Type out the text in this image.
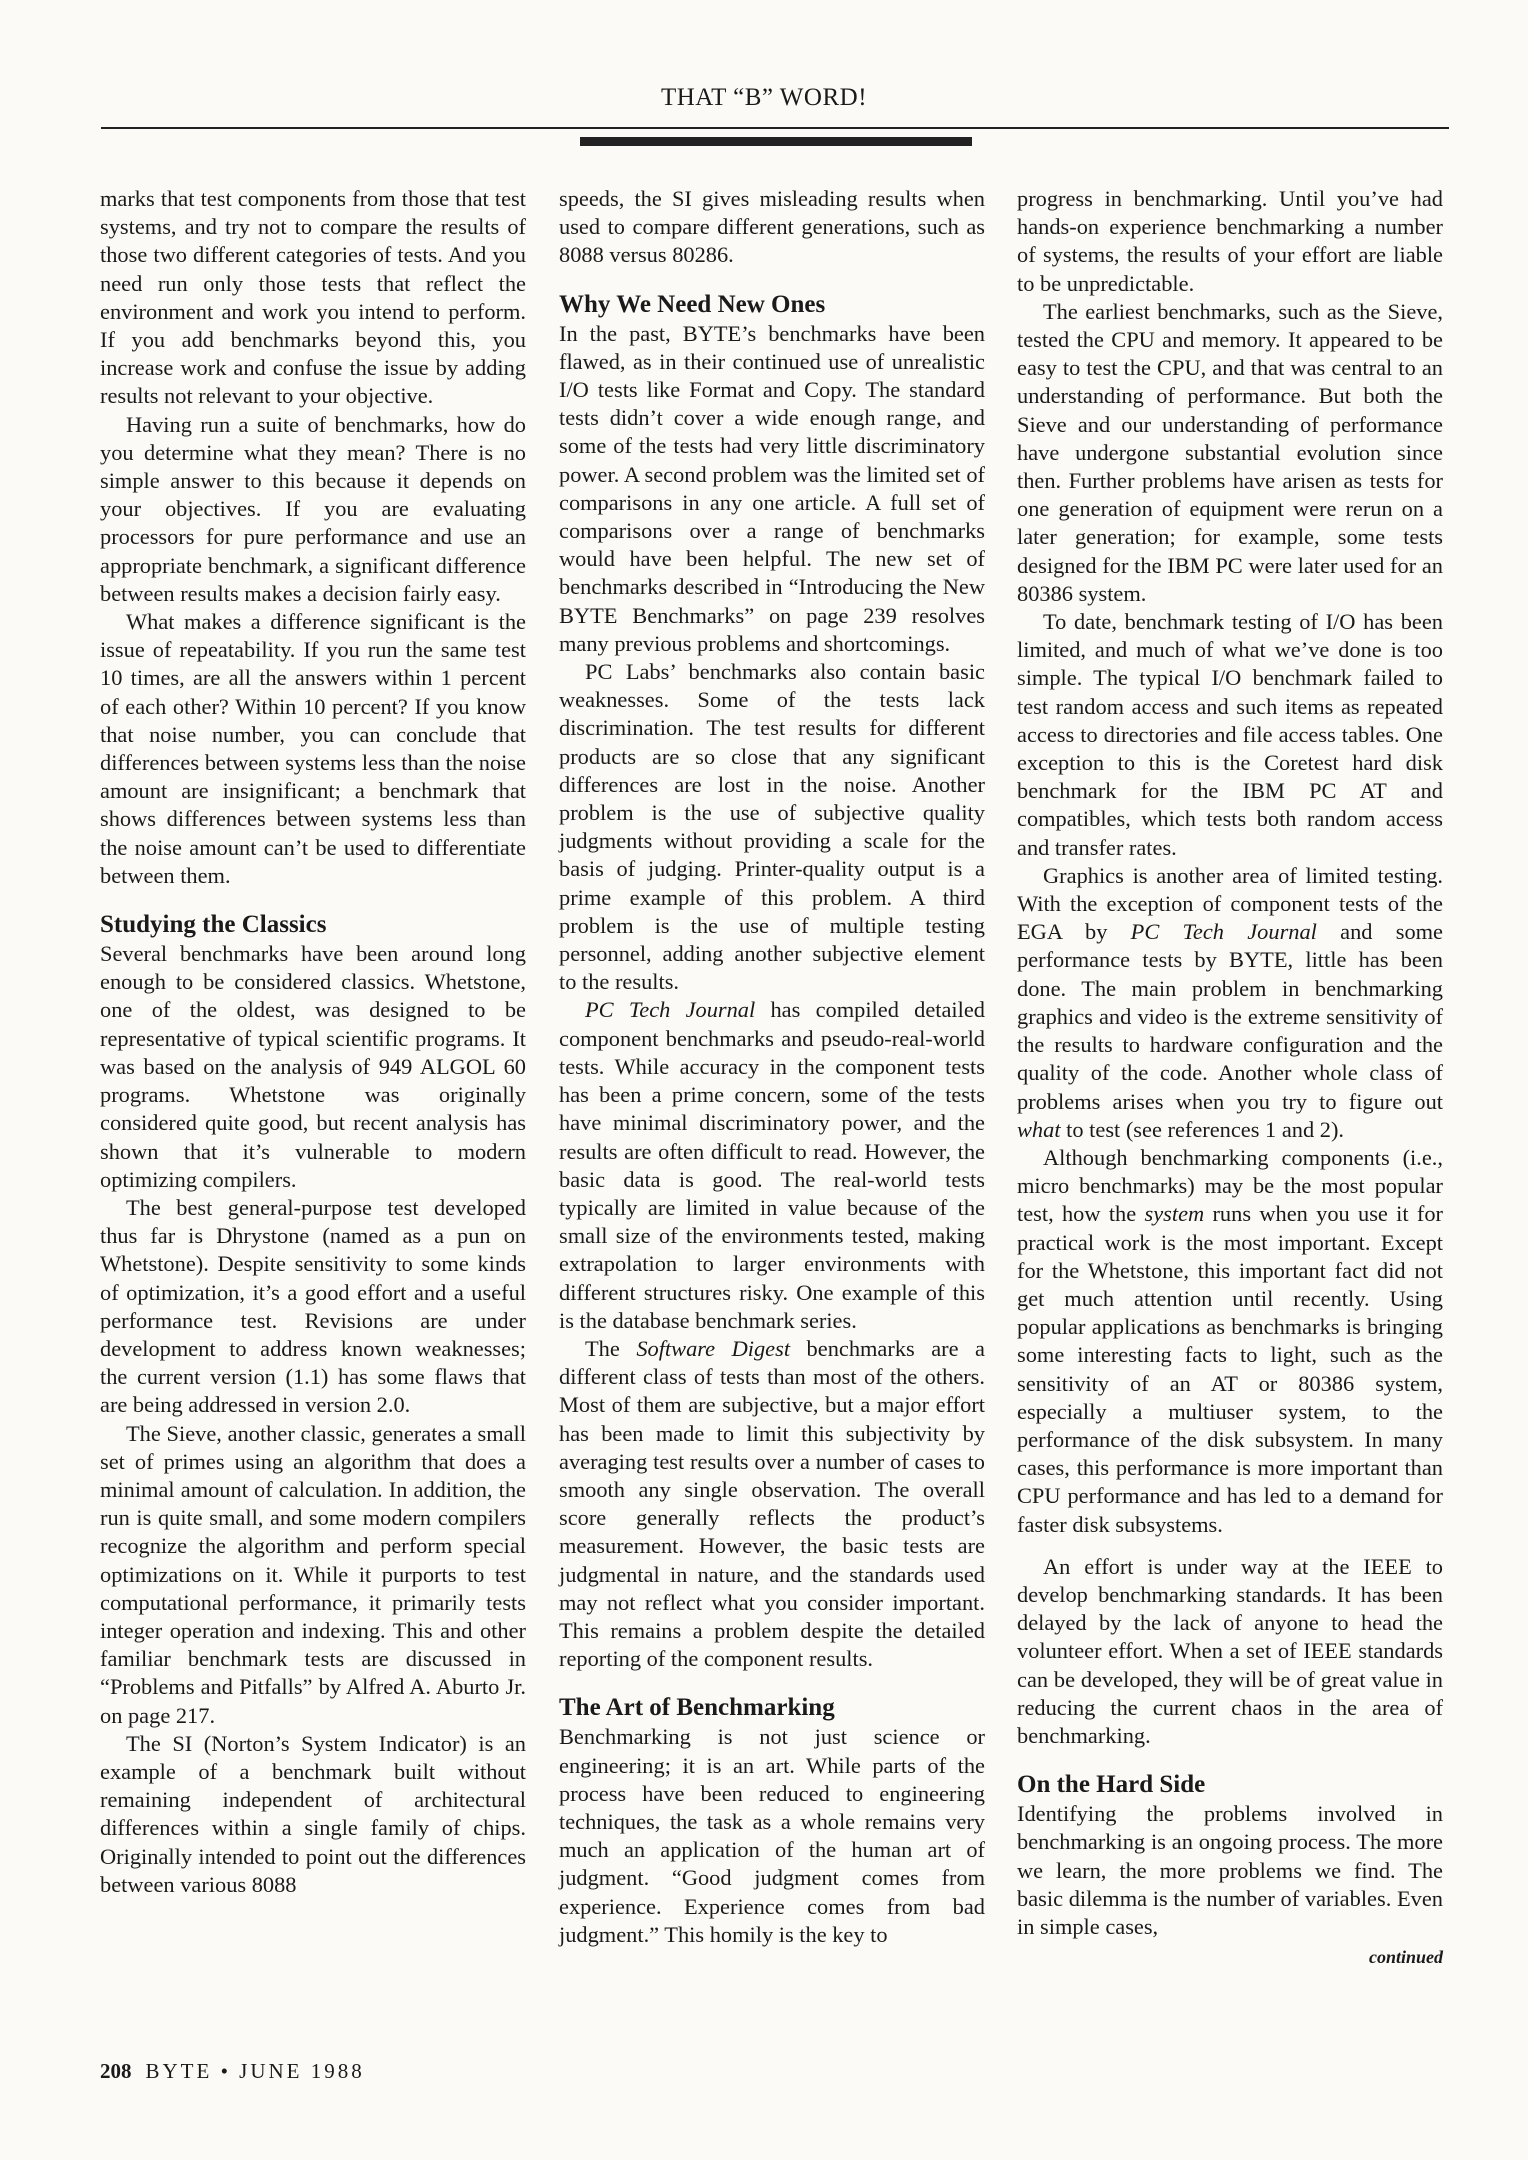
THAT “B” WORD!

marks that test components from those that test systems, and try not to compare the results of those two different categories of tests. And you need run only those tests that reflect the environment and work you intend to perform. If you add benchmarks beyond this, you increase work and confuse the issue by adding results not relevant to your objective.

Having run a suite of benchmarks, how do you determine what they mean? There is no simple answer to this because it depends on your objectives. If you are evaluating processors for pure performance and use an appropriate benchmark, a significant difference between results makes a decision fairly easy.

What makes a difference significant is the issue of repeatability. If you run the same test 10 times, are all the answers within 1 percent of each other? Within 10 percent? If you know that noise number, you can conclude that differences between systems less than the noise amount are insignificant; a benchmark that shows differences between systems less than the noise amount can’t be used to differentiate between them.

Studying the Classics

Several benchmarks have been around long enough to be considered classics. Whetstone, one of the oldest, was designed to be representative of typical scientific programs. It was based on the analysis of 949 ALGOL 60 programs. Whetstone was originally considered quite good, but recent analysis has shown that it’s vulnerable to modern optimizing compilers.

The best general-purpose test developed thus far is Dhrystone (named as a pun on Whetstone). Despite sensitivity to some kinds of optimization, it’s a good effort and a useful performance test. Revisions are under development to address known weaknesses; the current version (1.1) has some flaws that are being addressed in version 2.0.

The Sieve, another classic, generates a small set of primes using an algorithm that does a minimal amount of calculation. In addition, the run is quite small, and some modern compilers recognize the algorithm and perform special optimizations on it. While it purports to test computational performance, it primarily tests integer operation and indexing. This and other familiar benchmark tests are discussed in “Problems and Pitfalls” by Alfred A. Aburto Jr. on page 217.

The SI (Norton’s System Indicator) is an example of a benchmark built without remaining independent of architectural differences within a single family of chips. Originally intended to point out the differences between various 8088

speeds, the SI gives misleading results when used to compare different generations, such as 8088 versus 80286.

Why We Need New Ones

In the past, BYTE’s benchmarks have been flawed, as in their continued use of unrealistic I/O tests like Format and Copy. The standard tests didn’t cover a wide enough range, and some of the tests had very little discriminatory power. A second problem was the limited set of comparisons in any one article. A full set of comparisons over a range of benchmarks would have been helpful. The new set of benchmarks described in “Introducing the New BYTE Benchmarks” on page 239 resolves many previous problems and shortcomings.

PC Labs’ benchmarks also contain basic weaknesses. Some of the tests lack discrimination. The test results for different products are so close that any significant differences are lost in the noise. Another problem is the use of subjective quality judgments without providing a scale for the basis of judging. Printer-quality output is a prime example of this problem. A third problem is the use of multiple testing personnel, adding another subjective element to the results.

PC Tech Journal has compiled detailed component benchmarks and pseudo-real-world tests. While accuracy in the component tests has been a prime concern, some of the tests have minimal discriminatory power, and the results are often difficult to read. However, the basic data is good. The real-world tests typically are limited in value because of the small size of the environments tested, making extrapolation to larger environments with different structures risky. One example of this is the database benchmark series.

The Software Digest benchmarks are a different class of tests than most of the others. Most of them are subjective, but a major effort has been made to limit this subjectivity by averaging test results over a number of cases to smooth any single observation. The overall score generally reflects the product’s measurement. However, the basic tests are judgmental in nature, and the standards used may not reflect what you consider important. This remains a problem despite the detailed reporting of the component results.

The Art of Benchmarking

Benchmarking is not just science or engineering; it is an art. While parts of the process have been reduced to engineering techniques, the task as a whole remains very much an application of the human art of judgment. “Good judgment comes from experience. Experience comes from bad judgment.” This homily is the key to

progress in benchmarking. Until you’ve had hands-on experience benchmarking a number of systems, the results of your effort are liable to be unpredictable.

The earliest benchmarks, such as the Sieve, tested the CPU and memory. It appeared to be easy to test the CPU, and that was central to an understanding of performance. But both the Sieve and our understanding of performance have undergone substantial evolution since then. Further problems have arisen as tests for one generation of equipment were rerun on a later generation; for example, some tests designed for the IBM PC were later used for an 80386 system.

To date, benchmark testing of I/O has been limited, and much of what we’ve done is too simple. The typical I/O benchmark failed to test random access and such items as repeated access to directories and file access tables. One exception to this is the Coretest hard disk benchmark for the IBM PC AT and compatibles, which tests both random access and transfer rates.

Graphics is another area of limited testing. With the exception of component tests of the EGA by PC Tech Journal and some performance tests by BYTE, little has been done. The main problem in benchmarking graphics and video is the extreme sensitivity of the results to hardware configuration and the quality of the code. Another whole class of problems arises when you try to figure out what to test (see references 1 and 2).

Although benchmarking components (i.e., micro benchmarks) may be the most popular test, how the system runs when you use it for practical work is the most important. Except for the Whetstone, this important fact did not get much attention until recently. Using popular applications as benchmarks is bringing some interesting facts to light, such as the sensitivity of an AT or 80386 system, especially a multiuser system, to the performance of the disk subsystem. In many cases, this performance is more important than CPU performance and has led to a demand for faster disk subsystems.

An effort is under way at the IEEE to develop benchmarking standards. It has been delayed by the lack of anyone to head the volunteer effort. When a set of IEEE standards can be developed, they will be of great value in reducing the current chaos in the area of benchmarking.

On the Hard Side

Identifying the problems involved in benchmarking is an ongoing process. The more we learn, the more problems we find. The basic dilemma is the number of variables. Even in simple cases,

continued
208 BYTE • JUNE 1988
